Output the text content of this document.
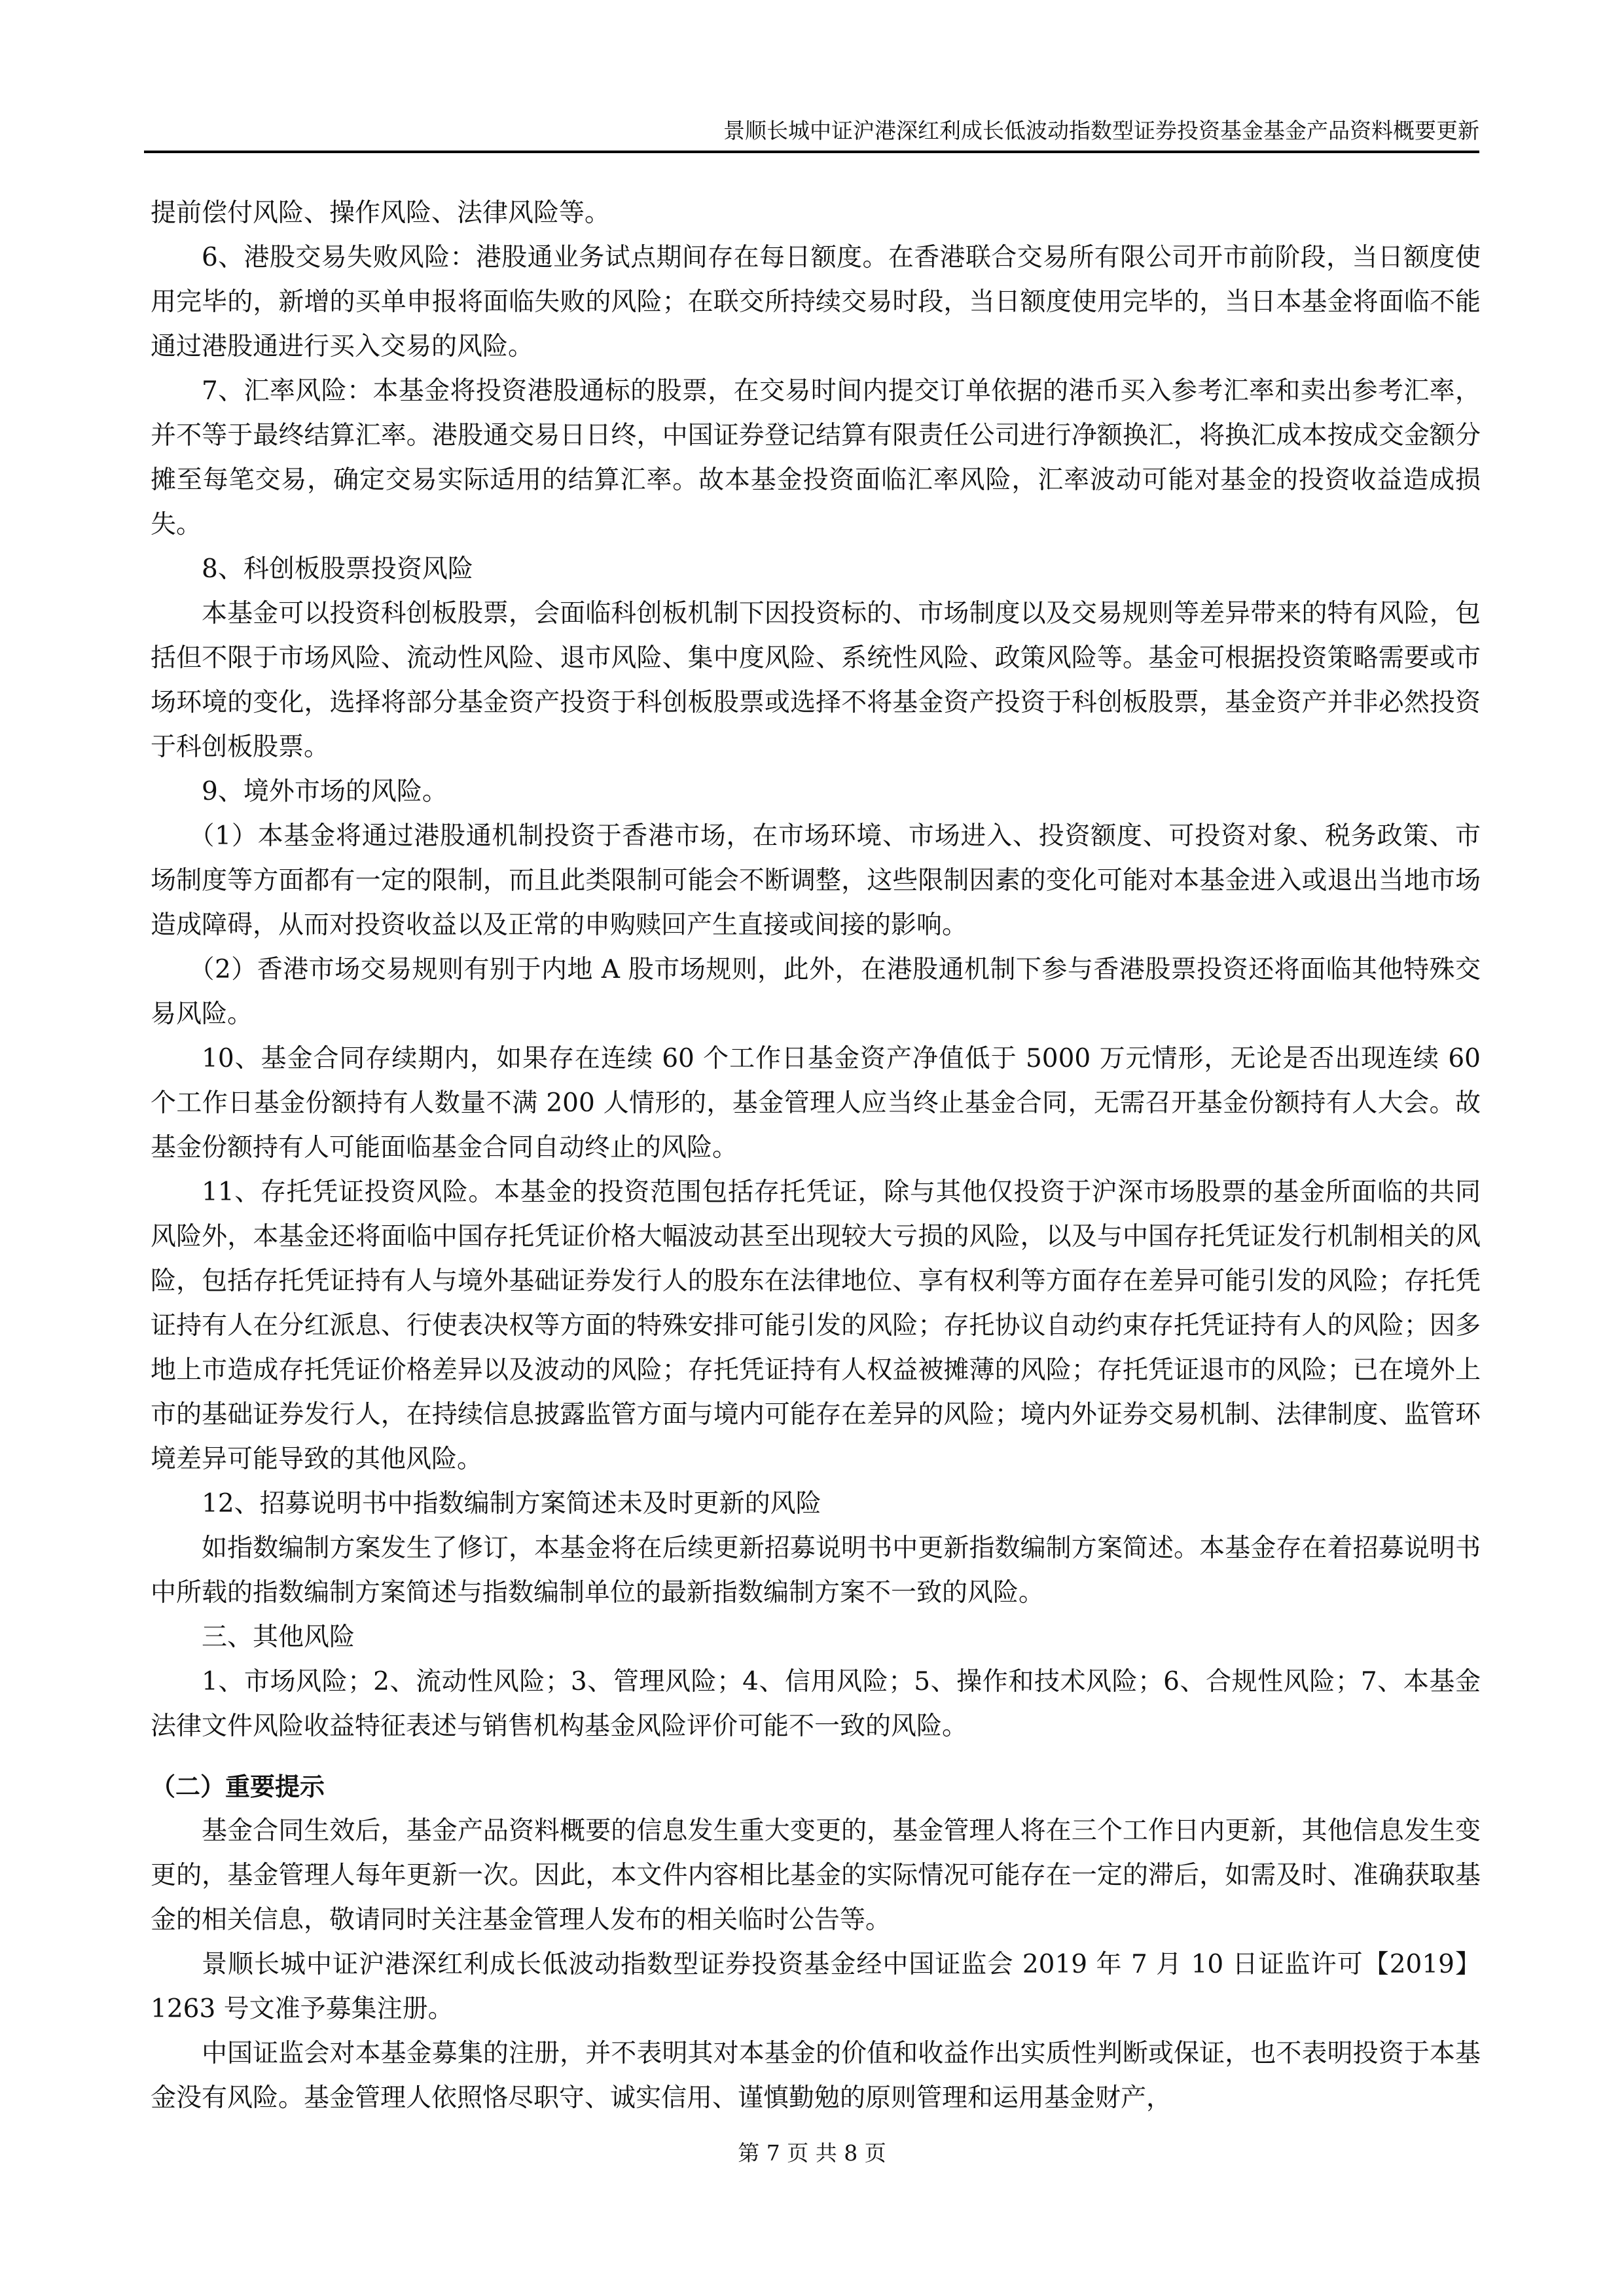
景顺长城中证沪港深红利成长低波动指数型证券投资基金基金产品资料概要更新

提前偿付风险、操作风险、法律风险等。

6、港股交易失败风险：港股通业务试点期间存在每日额度。在香港联合交易所有限公司开市前阶段，当日额度使用完毕的，新增的买单申报将面临失败的风险；在联交所持续交易时段，当日额度使用完毕的，当日本基金将面临不能通过港股通进行买入交易的风险。

7、汇率风险：本基金将投资港股通标的股票，在交易时间内提交订单依据的港币买入参考汇率和卖出参考汇率，并不等于最终结算汇率。港股通交易日日终，中国证券登记结算有限责任公司进行净额换汇，将换汇成本按成交金额分摊至每笔交易，确定交易实际适用的结算汇率。故本基金投资面临汇率风险，汇率波动可能对基金的投资收益造成损失。

8、科创板股票投资风险

本基金可以投资科创板股票，会面临科创板机制下因投资标的、市场制度以及交易规则等差异带来的特有风险，包括但不限于市场风险、流动性风险、退市风险、集中度风险、系统性风险、政策风险等。基金可根据投资策略需要或市场环境的变化，选择将部分基金资产投资于科创板股票或选择不将基金资产投资于科创板股票，基金资产并非必然投资于科创板股票。

9、境外市场的风险。

（1）本基金将通过港股通机制投资于香港市场，在市场环境、市场进入、投资额度、可投资对象、税务政策、市场制度等方面都有一定的限制，而且此类限制可能会不断调整，这些限制因素的变化可能对本基金进入或退出当地市场造成障碍，从而对投资收益以及正常的申购赎回产生直接或间接的影响。

（2）香港市场交易规则有别于内地 A 股市场规则，此外，在港股通机制下参与香港股票投资还将面临其他特殊交易风险。

10、基金合同存续期内，如果存在连续 60 个工作日基金资产净值低于 5000 万元情形，无论是否出现连续 60 个工作日基金份额持有人数量不满 200 人情形的，基金管理人应当终止基金合同，无需召开基金份额持有人大会。故基金份额持有人可能面临基金合同自动终止的风险。

11、存托凭证投资风险。本基金的投资范围包括存托凭证，除与其他仅投资于沪深市场股票的基金所面临的共同风险外，本基金还将面临中国存托凭证价格大幅波动甚至出现较大亏损的风险，以及与中国存托凭证发行机制相关的风险，包括存托凭证持有人与境外基础证券发行人的股东在法律地位、享有权利等方面存在差异可能引发的风险；存托凭证持有人在分红派息、行使表决权等方面的特殊安排可能引发的风险；存托协议自动约束存托凭证持有人的风险；因多地上市造成存托凭证价格差异以及波动的风险；存托凭证持有人权益被摊薄的风险；存托凭证退市的风险；已在境外上市的基础证券发行人，在持续信息披露监管方面与境内可能存在差异的风险；境内外证券交易机制、法律制度、监管环境差异可能导致的其他风险。

12、招募说明书中指数编制方案简述未及时更新的风险

如指数编制方案发生了修订，本基金将在后续更新招募说明书中更新指数编制方案简述。本基金存在着招募说明书中所载的指数编制方案简述与指数编制单位的最新指数编制方案不一致的风险。

三、其他风险

1、市场风险；2、流动性风险；3、管理风险；4、信用风险；5、操作和技术风险；6、合规性风险；7、本基金法律文件风险收益特征表述与销售机构基金风险评价可能不一致的风险。

（二）重要提示

基金合同生效后，基金产品资料概要的信息发生重大变更的，基金管理人将在三个工作日内更新，其他信息发生变更的，基金管理人每年更新一次。因此，本文件内容相比基金的实际情况可能存在一定的滞后，如需及时、准确获取基金的相关信息，敬请同时关注基金管理人发布的相关临时公告等。

景顺长城中证沪港深红利成长低波动指数型证券投资基金经中国证监会 2019 年 7 月 10 日证监许可【2019】1263 号文准予募集注册。

中国证监会对本基金募集的注册，并不表明其对本基金的价值和收益作出实质性判断或保证，也不表明投资于本基金没有风险。基金管理人依照恪尽职守、诚实信用、谨慎勤勉的原则管理和运用基金财产，

第 7 页 共 8 页
